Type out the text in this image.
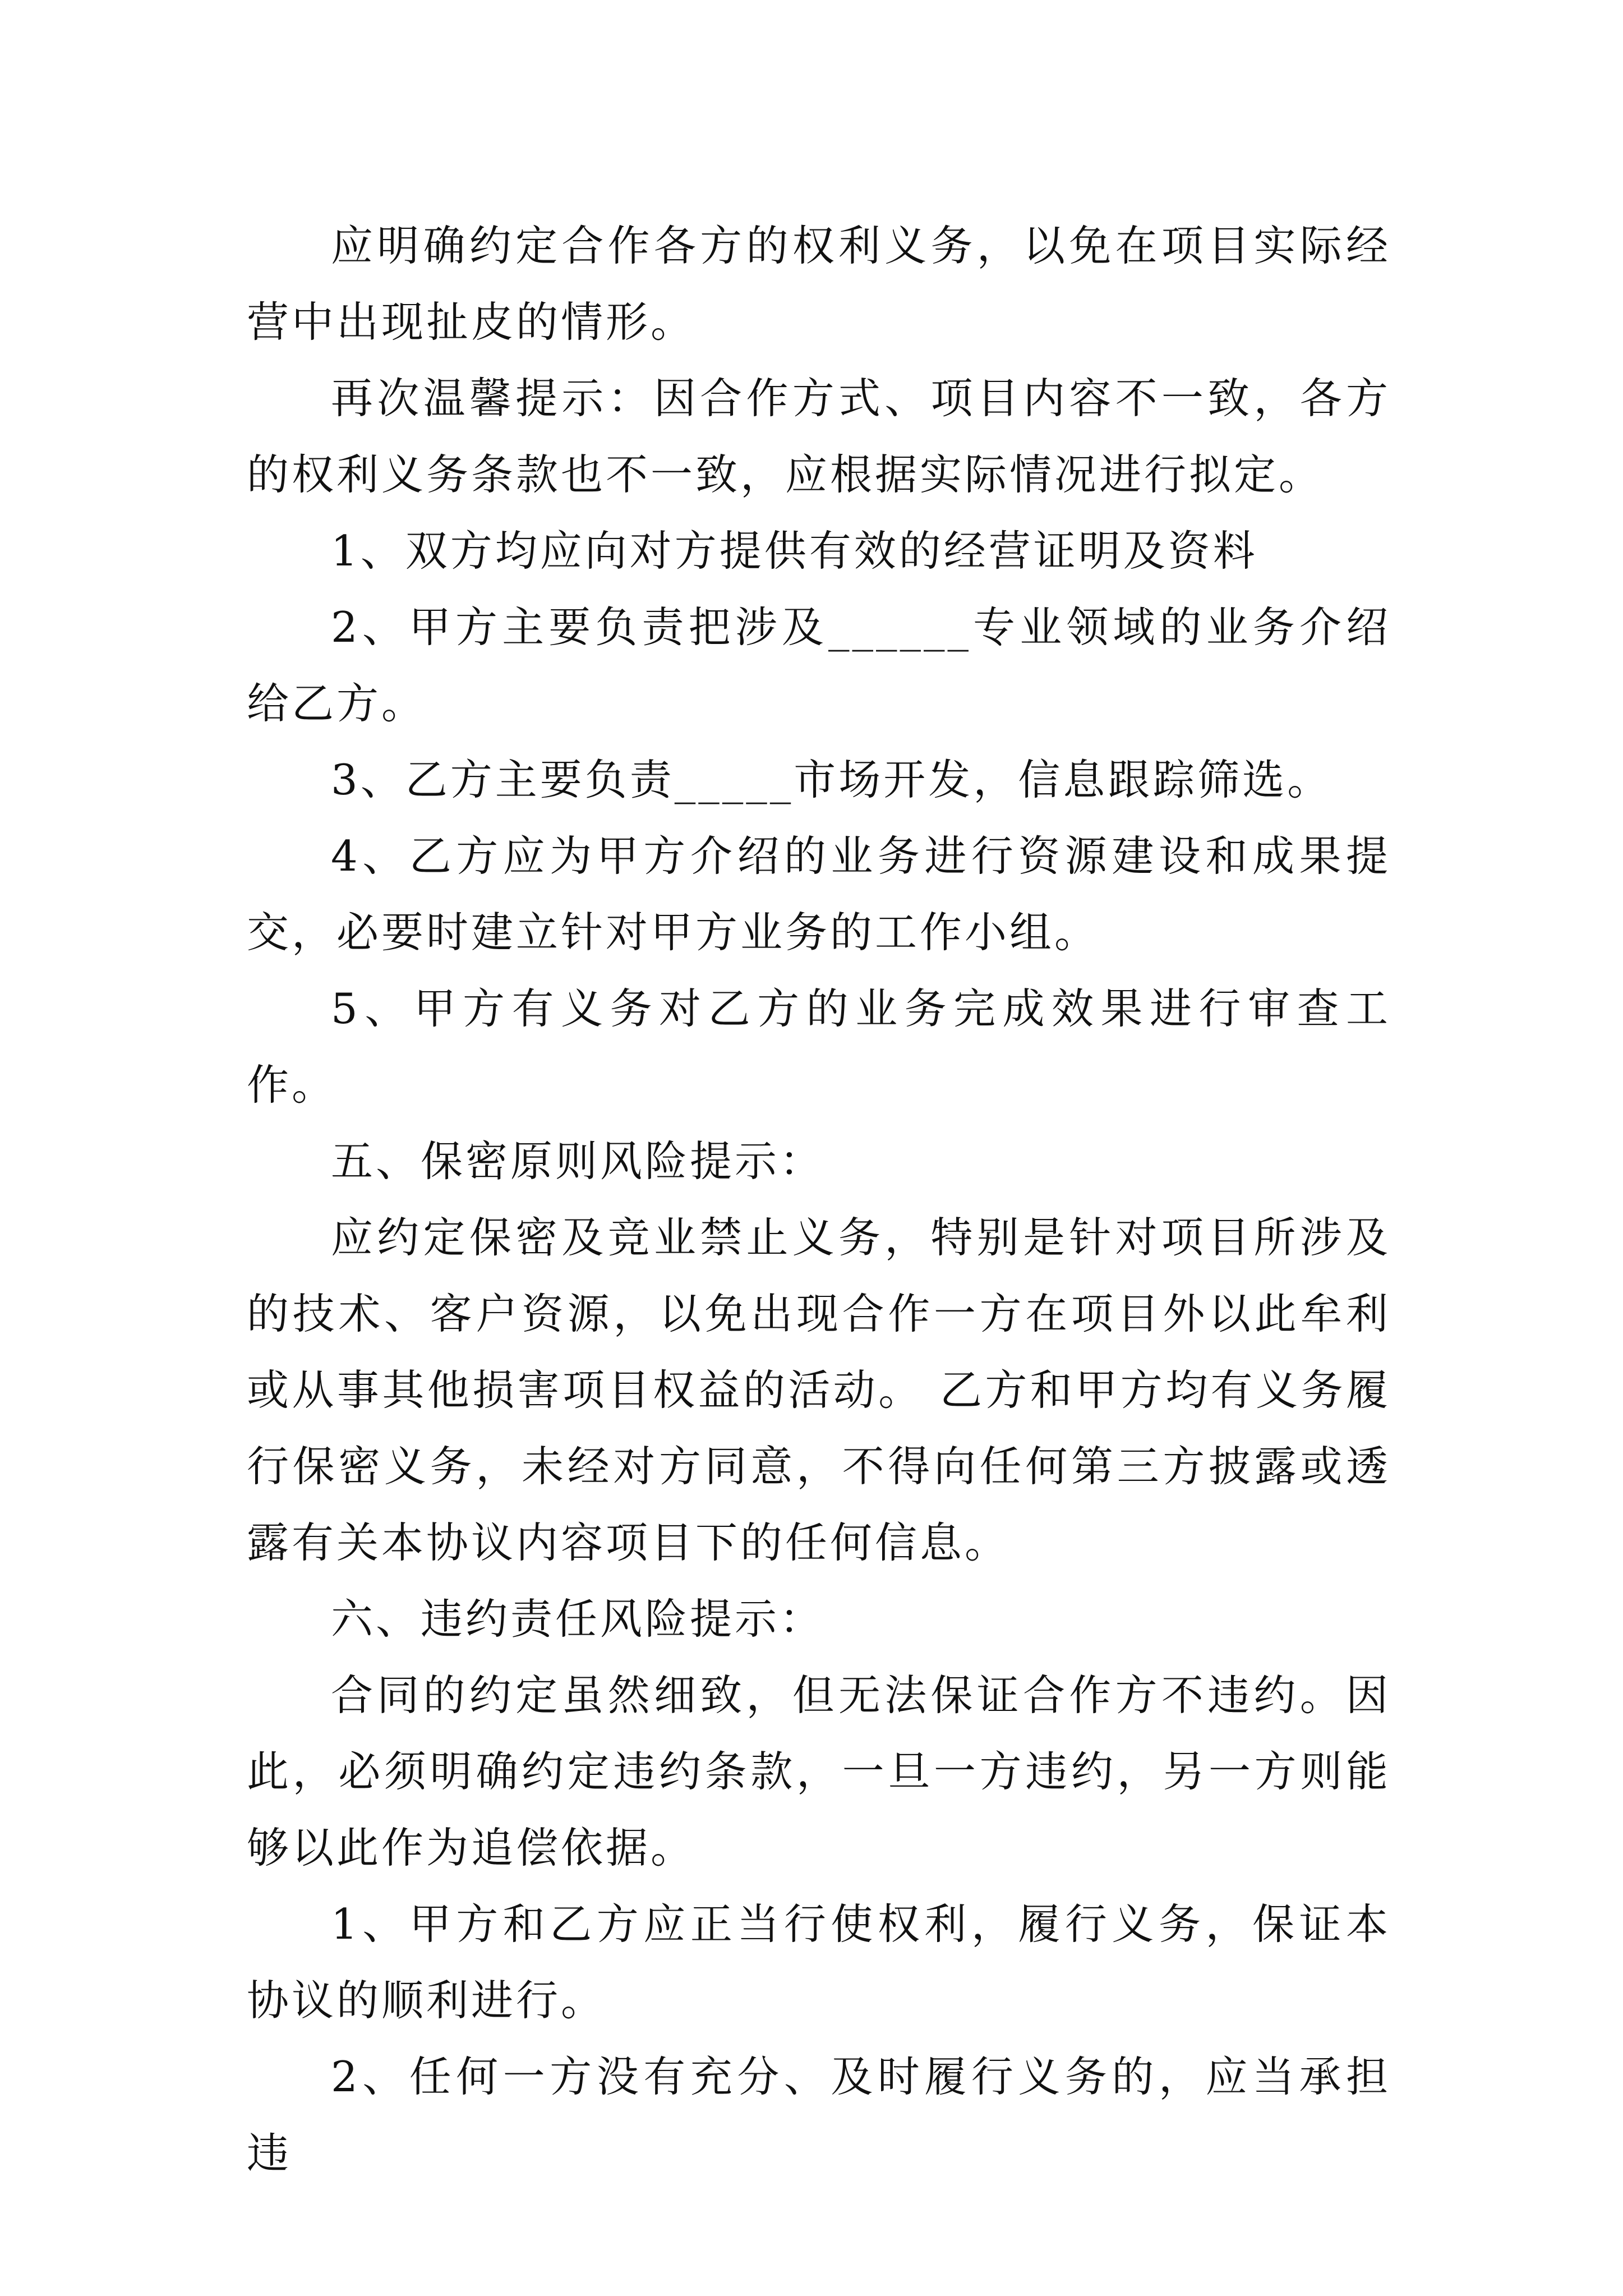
应明确约定合作各方的权利义务，以免在项目实际经营中出现扯皮的情形。

再次温馨提示：因合作方式、项目内容不一致，各方的权利义务条款也不一致，应根据实际情况进行拟定。

1、双方均应向对方提供有效的经营证明及资料

2、甲方主要负责把涉及______专业领域的业务介绍给乙方。

3、乙方主要负责_____市场开发，信息跟踪筛选。

4、乙方应为甲方介绍的业务进行资源建设和成果提交，必要时建立针对甲方业务的工作小组。

5、甲方有义务对乙方的业务完成效果进行审查工作。

五、保密原则风险提示：

应约定保密及竞业禁止义务，特别是针对项目所涉及的技术、客户资源，以免出现合作一方在项目外以此牟利或从事其他损害项目权益的活动。 乙方和甲方均有义务履行保密义务，未经对方同意，不得向任何第三方披露或透露有关本协议内容项目下的任何信息。

六、违约责任风险提示：

合同的约定虽然细致，但无法保证合作方不违约。因此，必须明确约定违约条款，一旦一方违约，另一方则能够以此作为追偿依据。

1、甲方和乙方应正当行使权利，履行义务，保证本协议的顺利进行。

2、任何一方没有充分、及时履行义务的，应当承担违
